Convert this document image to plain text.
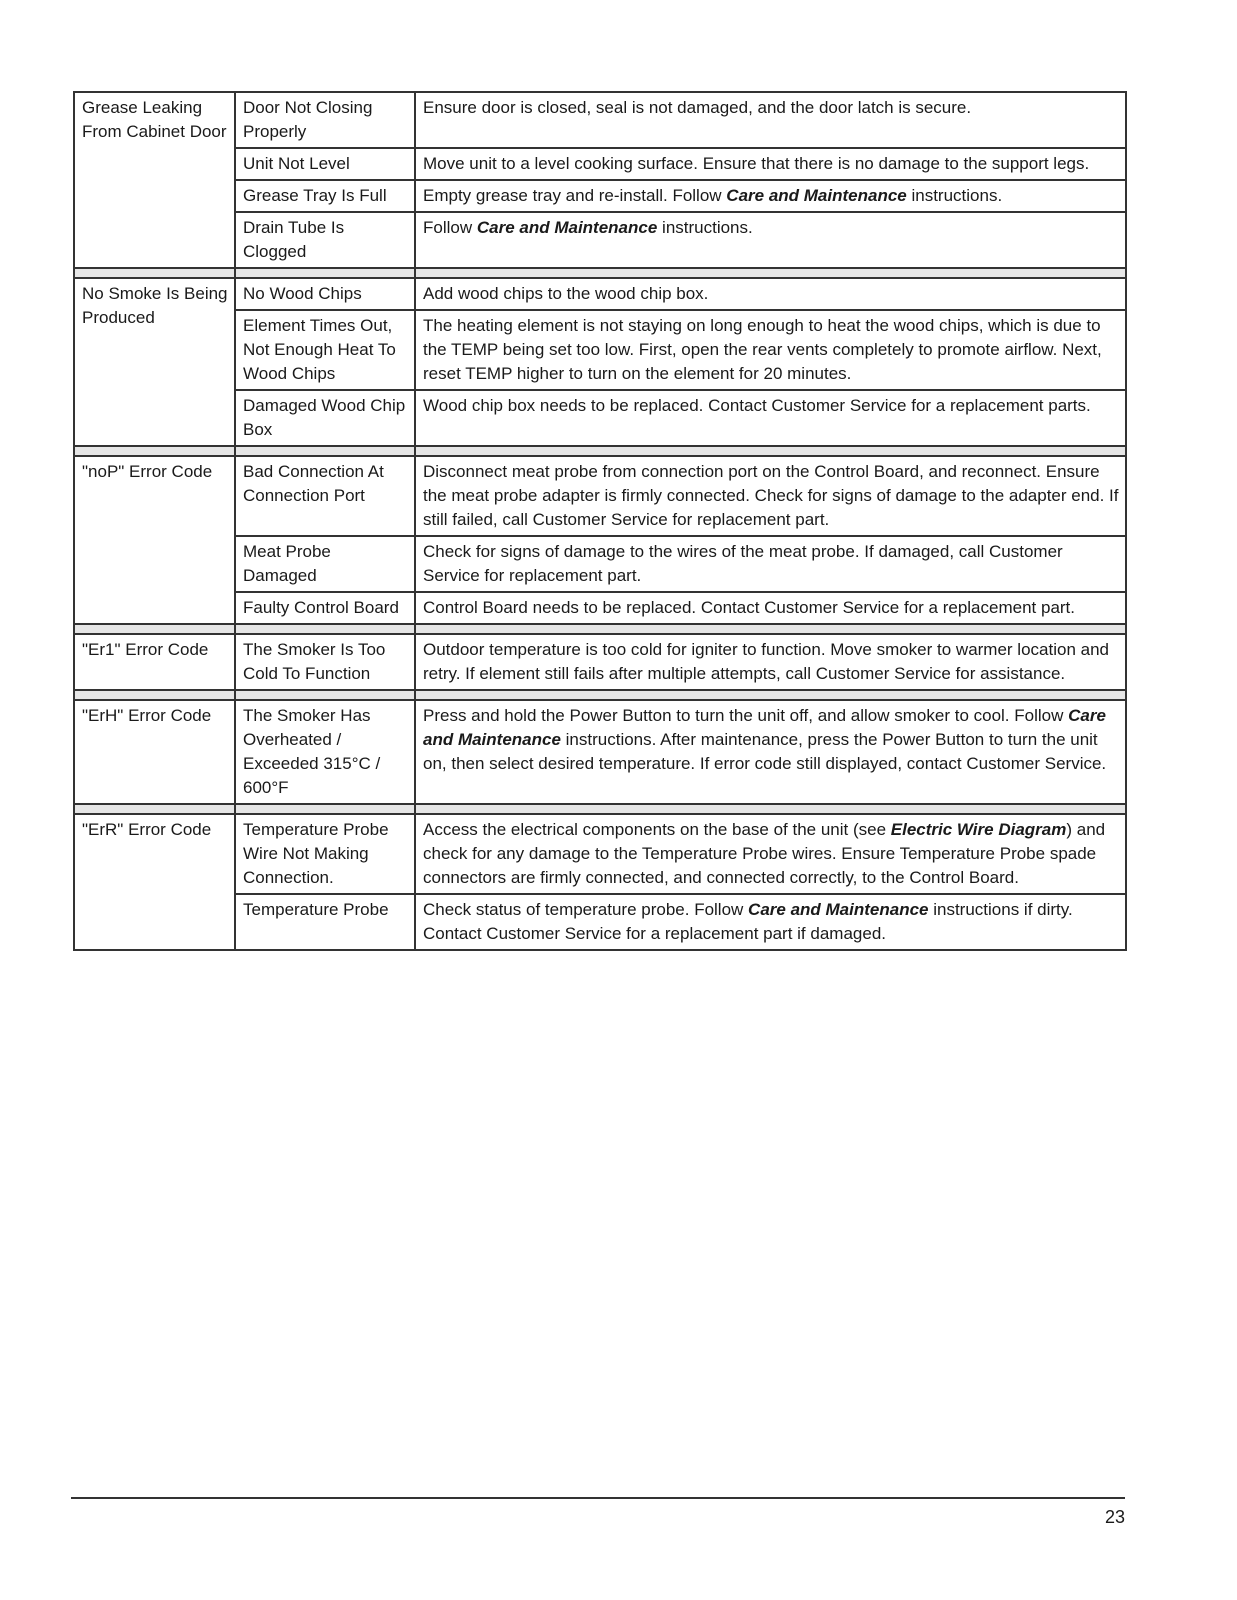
Grease Leaking From Cabinet Door	Door Not Closing Properly	Ensure door is closed, seal is not damaged, and the door latch is secure.
	Unit Not Level	Move unit to a level cooking surface. Ensure that there is no damage to the support legs.
	Grease Tray Is Full	Empty grease tray and re-install. Follow Care and Maintenance instructions.
	Drain Tube Is Clogged	Follow Care and Maintenance instructions.

No Smoke Is Being Produced	No Wood Chips	Add wood chips to the wood chip box.
	Element Times Out, Not Enough Heat To Wood Chips	The heating element is not staying on long enough to heat the wood chips, which is due to the TEMP being set too low. First, open the rear vents completely to promote airflow. Next, reset TEMP higher to turn on the element for 20 minutes.
	Damaged Wood Chip Box	Wood chip box needs to be replaced. Contact Customer Service for a replacement parts.

"noP" Error Code	Bad Connection At Connection Port	Disconnect meat probe from connection port on the Control Board, and reconnect. Ensure the meat probe adapter is firmly connected. Check for signs of damage to the adapter end. If still failed, call Customer Service for replacement part.
	Meat Probe Damaged	Check for signs of damage to the wires of the meat probe. If damaged, call Customer Service for replacement part.
	Faulty Control Board	Control Board needs to be replaced. Contact Customer Service for a replacement part.

"Er1" Error Code	The Smoker Is Too Cold To Function	Outdoor temperature is too cold for igniter to function. Move smoker to warmer location and retry. If element still fails after multiple attempts, call Customer Service for assistance.

"ErH" Error Code	The Smoker Has Overheated / Exceeded 315°C / 600°F	Press and hold the Power Button to turn the unit off, and allow smoker to cool. Follow Care and Maintenance instructions. After maintenance, press the Power Button to turn the unit on, then select desired temperature. If error code still displayed, contact Customer Service.

"ErR" Error Code	Temperature Probe Wire Not Making Connection.	Access the electrical components on the base of the unit (see Electric Wire Diagram) and check for any damage to the Temperature Probe wires. Ensure Temperature Probe spade connectors are firmly connected, and connected correctly, to the Control Board.
	Temperature Probe	Check status of temperature probe. Follow Care and Maintenance instructions if dirty. Contact Customer Service for a replacement part if damaged.
23
